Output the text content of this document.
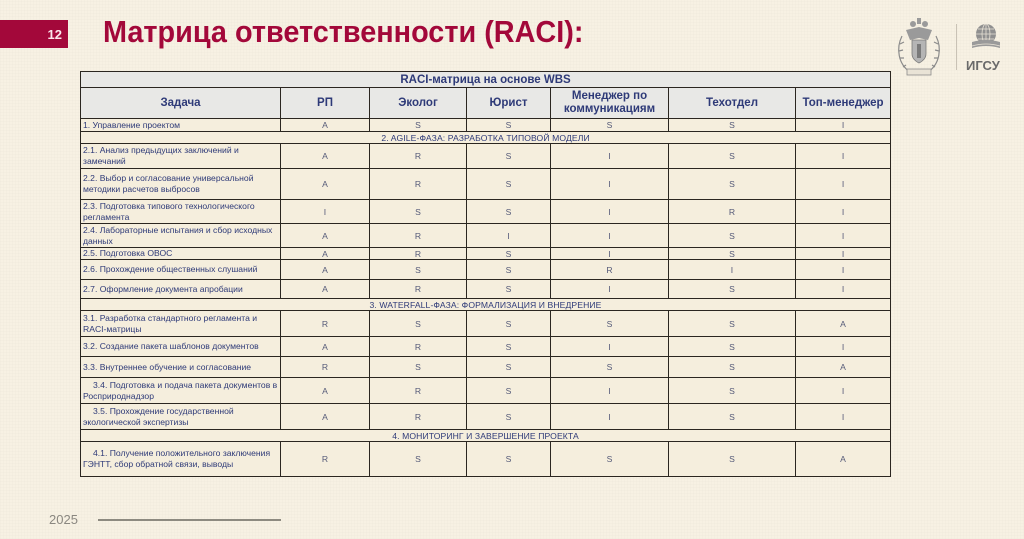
12 Матрица ответственности (RACI):
ИГСУ
RACI-матрица на основе WBS						
Задача	РП	Эколог	Юрист	Менеджер по коммуникациям	Техотдел	Топ-менеджер
1. Управление проектом	A	S	S	S	S	I
2. AGILE-ФАЗА: РАЗРАБОТКА ТИПОВОЙ МОДЕЛИ						
2.1. Анализ предыдущих заключений и замечаний	A	R	S	I	S	I
2.2. Выбор и согласование универсальной методики расчетов выбросов	A	R	S	I	S	I
2.3. Подготовка типового технологического регламента	I	S	S	I	R	I
2.4. Лабораторные испытания и сбор исходных данных	A	R	I	I	S	I
2.5. Подготовка ОВОС	A	R	S	I	S	I
2.6. Прохождение общественных слушаний	A	S	S	R	I	I
2.7. Оформление документа апробации	A	R	S	I	S	I
3. WATERFALL-ФАЗА: ФОРМАЛИЗАЦИЯ И ВНЕДРЕНИЕ						
3.1. Разработка стандартного регламента и RACI-матрицы	R	S	S	S	S	A
3.2. Создание пакета шаблонов документов	A	R	S	I	S	I
3.3. Внутреннее обучение и согласование	R	S	S	S	S	A
3.4. Подготовка и подача пакета документов в Росприроднадзор	A	R	S	I	S	I
3.5. Прохождение государственной экологической экспертизы	A	R	S	I	S	I
4. МОНИТОРИНГ И ЗАВЕРШЕНИЕ ПРОЕКТА						
4.1. Получение положительного заключения ГЭНТТ, сбор обратной связи, выводы	R	S	S	S	S	A
2025
